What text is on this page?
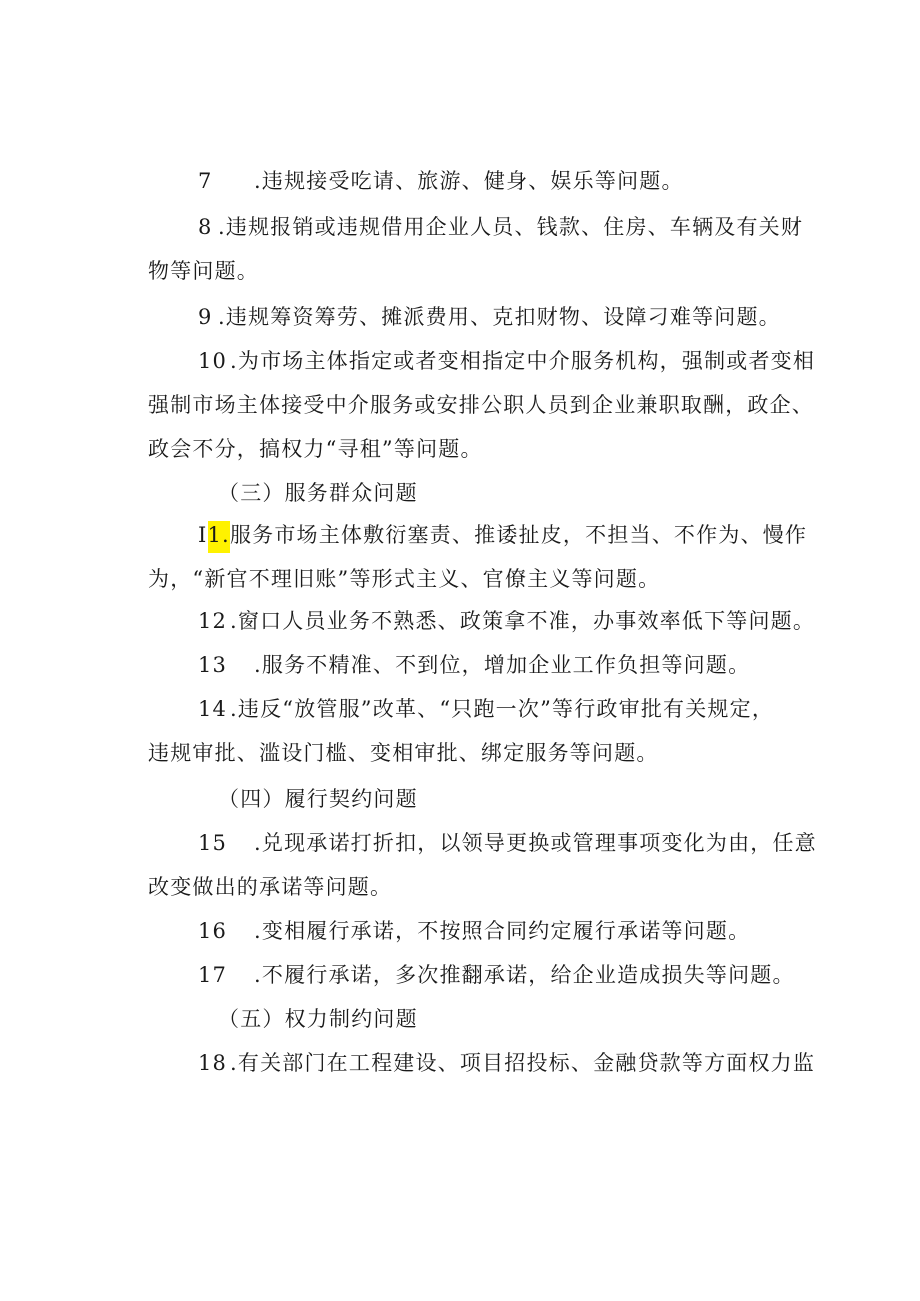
7 .违规接受吃请、旅游、健身、娱乐等问题。
8 .违规报销或违规借用企业人员、钱款、住房、车辆及有关财
物等问题。
9 .违规筹资筹劳、摊派费用、克扣财物、设障刁难等问题。
10 .为市场主体指定或者变相指定中介服务机构，强制或者变相
强制市场主体接受中介服务或安排公职人员到企业兼职取酬，政企、
政会不分，搞权力“寻租”等问题。
（三）服务群众问题
I1.服务市场主体敷衍塞责、推诿扯皮，不担当、不作为、慢作
为，“新官不理旧账”等形式主义、官僚主义等问题。
12 .窗口人员业务不熟悉、政策拿不准，办事效率低下等问题。
13 .服务不精准、不到位，增加企业工作负担等问题。
14 .违反“放管服”改革、“只跑一次”等行政审批有关规定，
违规审批、滥设门槛、变相审批、绑定服务等问题。
（四）履行契约问题
15 .兑现承诺打折扣，以领导更换或管理事项变化为由，任意
改变做出的承诺等问题。
16 .变相履行承诺，不按照合同约定履行承诺等问题。
17 .不履行承诺，多次推翻承诺，给企业造成损失等问题。
（五）权力制约问题
18 .有关部门在工程建设、项目招投标、金融贷款等方面权力监
